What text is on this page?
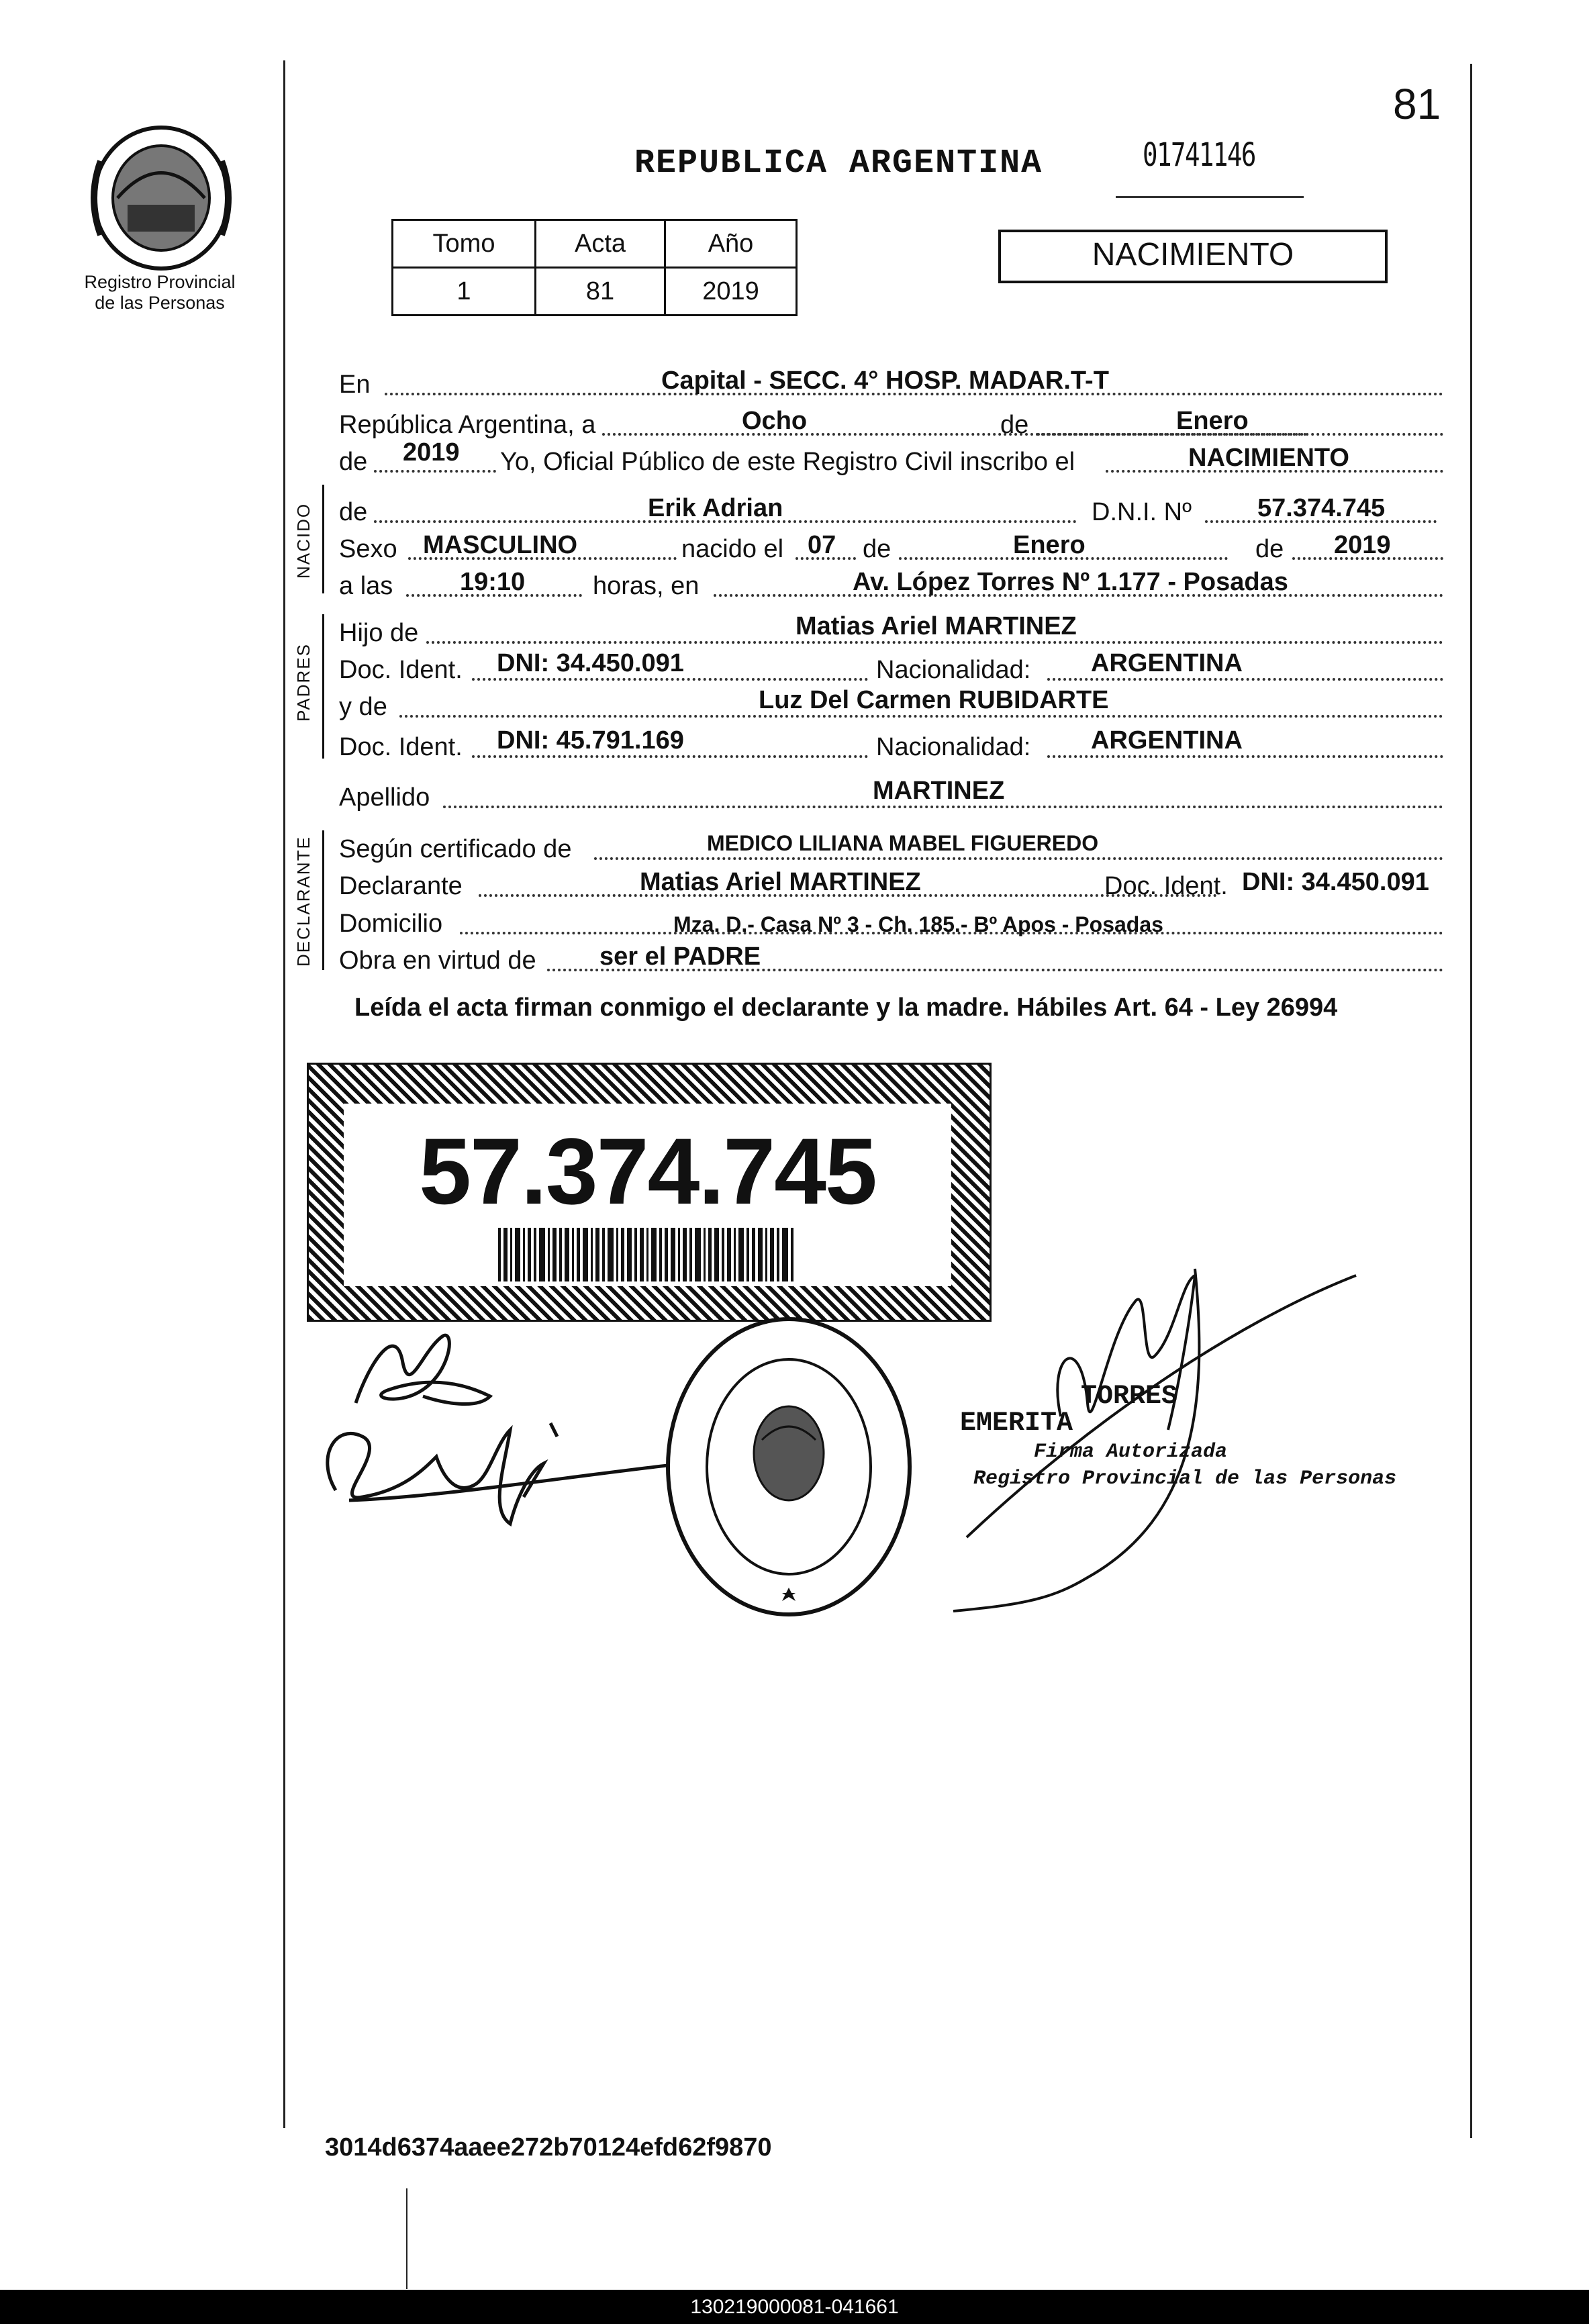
Registro Provincial
de las Personas
81
REPUBLICA ARGENTINA	01741146
Tomo	Acta	Año
1	81	2019
NACIMIENTO
NACIDO
PADRES
DECLARANTE
En	Capital - SECC. 4° HOSP. MADAR.T-T
República Argentina, a	Ocho	de	Enero
de 2019 Yo, Oficial Público de este Registro Civil inscribo el	NACIMIENTO
de	Erik Adrian	D.N.I. Nº	57.374.745
Sexo MASCULINO	nacido el 07 de	Enero	de 2019
a las	19:10	horas, en	Av. López Torres Nº 1.177 - Posadas
Hijo de	Matias Ariel MARTINEZ
Doc. Ident. DNI: 34.450.091	Nacionalidad: ARGENTINA
y de	Luz Del Carmen RUBIDARTE
Doc. Ident. DNI: 45.791.169	Nacionalidad: ARGENTINA
Apellido	MARTINEZ
Según certificado de	MEDICO LILIANA MABEL FIGUEREDO
Declarante	Matias Ariel MARTINEZ	Doc. Ident. DNI: 34.450.091
Domicilio	Mza. D.- Casa Nº 3 - Ch. 185.- Bº Apos - Posadas
Obra en virtud de ser el PADRE
Leída el acta firman conmigo el declarante y la madre. Hábiles Art. 64 - Ley 26994
57.374.745
EMERITA
TORRES
Firma Autorizada
Registro Provincial de las Personas
3014d6374aaee272b70124efd62f9870
130219000081-041661
